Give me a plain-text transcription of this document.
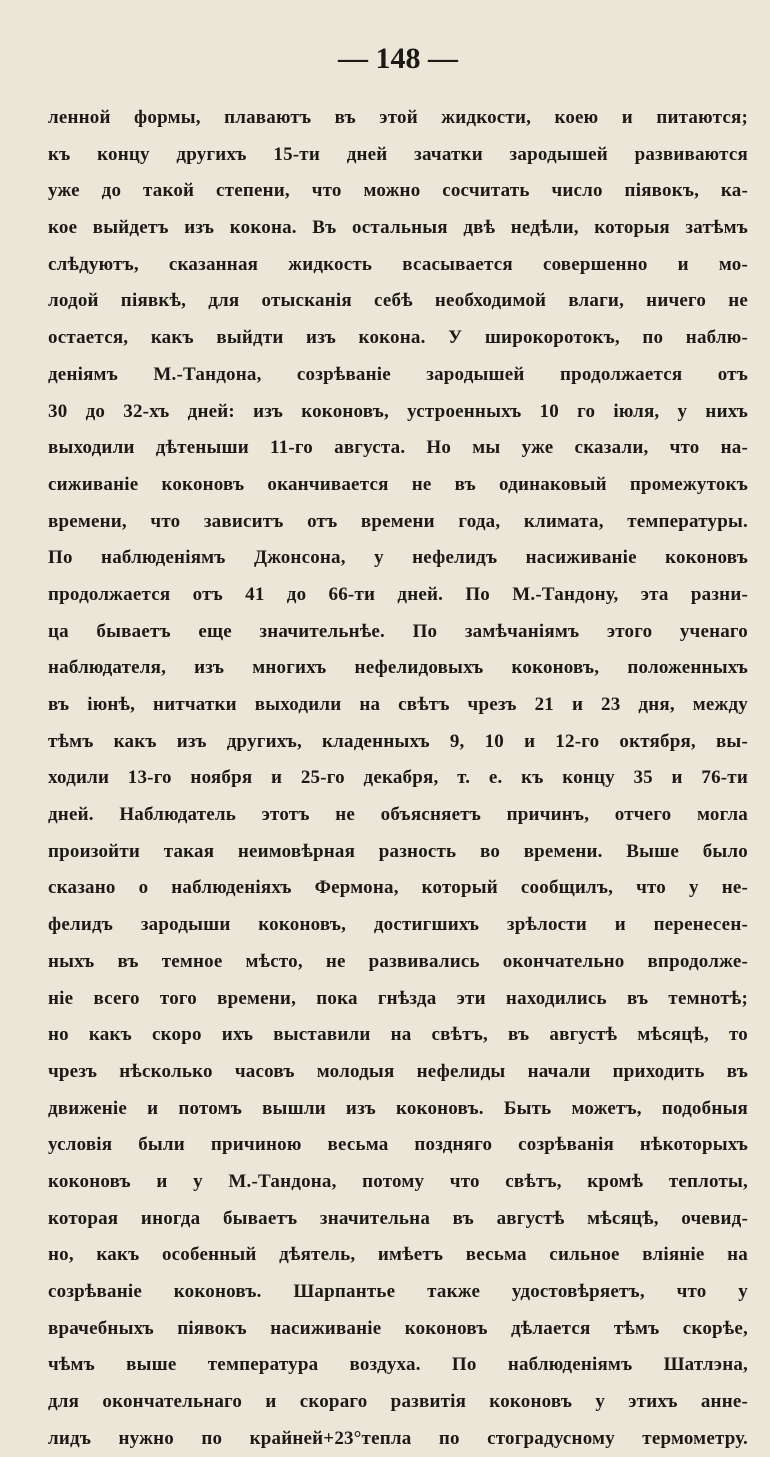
— 148 —
ленной формы, плаваютъ въ этой жидкости, коею и питаются;
къ концу другихъ 15-ти дней зачатки зародышей развиваются
уже до такой степени, что можно сосчитать число піявокъ, ка-
кое выйдетъ изъ кокона. Въ остальныя двѣ недѣли, которыя затѣмъ
слѣдуютъ, сказанная жидкость всасывается совершенно и мо-
лодой піявкѣ, для отысканія себѣ необходимой влаги, ничего не
остается, какъ выйдти изъ кокона. У широкоротокъ, по наблю-
деніямъ М.-Тандона, созрѣваніе зародышей продолжается отъ
30 до 32-хъ дней: изъ коконовъ, устроенныхъ 10 го іюля, у нихъ
выходили дѣтеныши 11-го августа. Но мы уже сказали, что на-
сиживаніе коконовъ оканчивается не въ одинаковый промежутокъ
времени, что зависитъ отъ времени года, климата, температуры.
По наблюденіямъ Джонсона, у нефелидъ насиживаніе коконовъ
продолжается отъ 41 до 66-ти дней. По М.-Тандону, эта разни-
ца бываетъ еще значительнѣе. По замѣчаніямъ этого ученаго
наблюдателя, изъ многихъ нефелидовыхъ коконовъ, положенныхъ
въ іюнѣ, нитчатки выходили на свѣтъ чрезъ 21 и 23 дня, между
тѣмъ какъ изъ другихъ, кладенныхъ 9, 10 и 12-го октября, вы-
ходили 13-го ноября и 25-го декабря, т. е. къ концу 35 и 76-ти
дней. Наблюдатель этотъ не объясняетъ причинъ, отчего могла
произойти такая неимовѣрная разность во времени. Выше было
сказано о наблюденіяхъ Фермона, который сообщилъ, что у не-
фелидъ зародыши коконовъ, достигшихъ зрѣлости и перенесен-
ныхъ въ темное мѣсто, не развивались окончательно впродолже-
ніе всего того времени, пока гнѣзда эти находились въ темнотѣ;
но какъ скоро ихъ выставили на свѣтъ, въ августѣ мѣсяцѣ, то
чрезъ нѣсколько часовъ молодыя нефелиды начали приходить въ
движеніе и потомъ вышли изъ коконовъ. Быть можетъ, подобныя
условія были причиною весьма поздняго созрѣванія нѣкоторыхъ
коконовъ и у М.-Тандона, потому что свѣтъ, кромѣ теплоты,
которая иногда бываетъ значительна въ августѣ мѣсяцѣ, очевид-
но, какъ особенный дѣятель, имѣетъ весьма сильное вліяніе на
созрѣваніе коконовъ. Шарпантье также удостовѣряетъ, что у
врачебныхъ піявокъ насиживаніе коконовъ дѣлается тѣмъ скорѣе,
чѣмъ выше температура воздуха. По наблюденіямъ Шатлэна,
для окончательнаго и скораго развитія коконовъ у этихъ анне-
лидъ нужно по крайней+23°тепла по стоградусному термометру.
